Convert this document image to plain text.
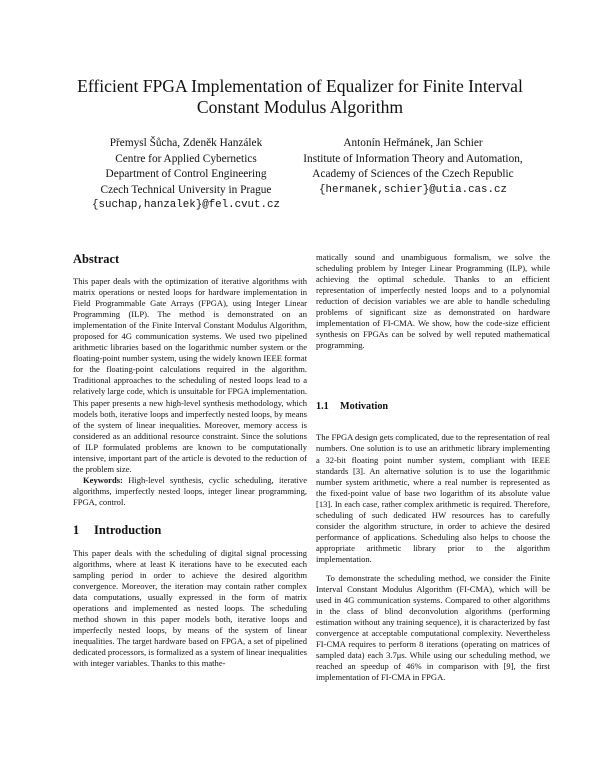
Efficient FPGA Implementation of Equalizer for Finite Interval
Constant Modulus Algorithm
Přemysl Šůcha, Zdeněk Hanzálek
Centre for Applied Cybernetics
Department of Control Engineering
Czech Technical University in Prague
{suchap,hanzalek}@fel.cvut.cz
Antonín Heřmánek, Jan Schier
Institute of Information Theory and Automation,
Academy of Sciences of the Czech Republic
{hermanek,schier}@utia.cas.cz
Abstract

This paper deals with the optimization of iterative algorithms with matrix operations or nested loops for hardware implementation in Field Programmable Gate Arrays (FPGA), using Integer Linear Programming (ILP). The method is demonstrated on an implementation of the Finite Interval Constant Modulus Algorithm, proposed for 4G communication systems. We used two pipelined arithmetic libraries based on the logarithmic number system or the floating-point number system, using the widely known IEEE format for the floating-point calculations required in the algorithm. Traditional approaches to the scheduling of nested loops lead to a relatively large code, which is unsuitable for FPGA implementation. This paper presents a new high-level synthesis methodology, which models both, iterative loops and imperfectly nested loops, by means of the system of linear inequalities. Moreover, memory access is considered as an additional resource constraint. Since the solutions of ILP formulated problems are known to be computationally intensive, important part of the article is devoted to the reduction of the problem size.

Keywords: High-level synthesis, cyclic scheduling, iterative algorithms, imperfectly nested loops, integer linear programming, FPGA, control.

1 Introduction

This paper deals with the scheduling of digital signal processing algorithms, where at least K iterations have to be executed each sampling period in order to achieve the desired algorithm convergence. Moreover, the iteration may contain rather complex data computations, usually expressed in the form of matrix operations and implemented as nested loops. The scheduling method shown in this paper models both, iterative loops and imperfectly nested loops, by means of the system of linear inequalities. The target hardware based on FPGA, a set of pipelined dedicated processors, is formalized as a system of linear inequalities with integer variables. Thanks to this mathe-

matically sound and unambiguous formalism, we solve the scheduling problem by Integer Linear Programming (ILP), while achieving the optimal schedule. Thanks to an efficient representation of imperfectly nested loops and to a polynomial reduction of decision variables we are able to handle scheduling problems of significant size as demonstrated on hardware implementation of FI-CMA. We show, how the code-size efficient synthesis on FPGAs can be solved by well reputed mathematical programming.

1.1 Motivation

The FPGA design gets complicated, due to the representation of real numbers. One solution is to use an arithmetic library implementing a 32-bit floating point number system, compliant with IEEE standards [3]. An alternative solution is to use the logarithmic number system arithmetic, where a real number is represented as the fixed-point value of base two logarithm of its absolute value [13]. In each case, rather complex arithmetic is required. Therefore, scheduling of such dedicated HW resources has to carefully consider the algorithm structure, in order to achieve the desired performance of applications. Scheduling also helps to choose the appropriate arithmetic library prior to the algorithm implementation.

To demonstrate the scheduling method, we consider the Finite Interval Constant Modulus Algorithm (FI-CMA), which will be used in 4G communication systems. Compared to other algorithms in the class of blind deconvolution algorithms (performing estimation without any training sequence), it is characterized by fast convergence at acceptable computational complexity. Nevertheless FI-CMA requires to perform 8 iterations (operating on matrices of sampled data) each 3.7μs. While using our scheduling method, we reached an speedup of 46% in comparison with [9], the first implementation of FI-CMA in FPGA.
